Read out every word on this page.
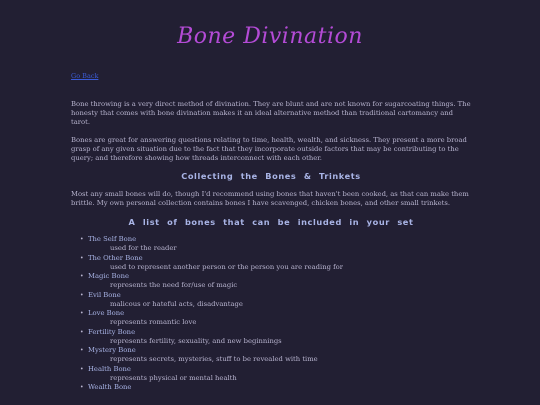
Bone Divination
Go Back

Bone throwing is a very direct method of divination. They are blunt and are not known for sugarcoating things. The honesty that comes with bone divination makes it an ideal alternative method than traditional cartomancy and tarot.

Bones are great for answering questions relating to time, health, wealth, and sickness. They present a more broad grasp of any given situation due to the fact that they incorporate outside factors that may be contributing to the query; and therefore showing how threads interconnect with each other.

Collecting the Bones & Trinkets

Most any small bones will do, though I'd recommend using bones that haven't been cooked, as that can make them brittle. My own personal collection contains bones I have scavenged, chicken bones, and other small trinkets.

A list of bones that can be included in your set
• The Self Bone
used for the reader
• The Other Bone
used to represent another person or the person you are reading for
• Magic Bone
represents the need for/use of magic
• Evil Bone
malicous or hateful acts, disadvantage
• Love Bone
represents romantic love
• Fertility Bone
represents fertility, sexuality, and new beginnings
• Mystery Bone
represents secrets, mysteries, stuff to be revealed with time
• Health Bone
represents physical or mental health
• Wealth Bone
